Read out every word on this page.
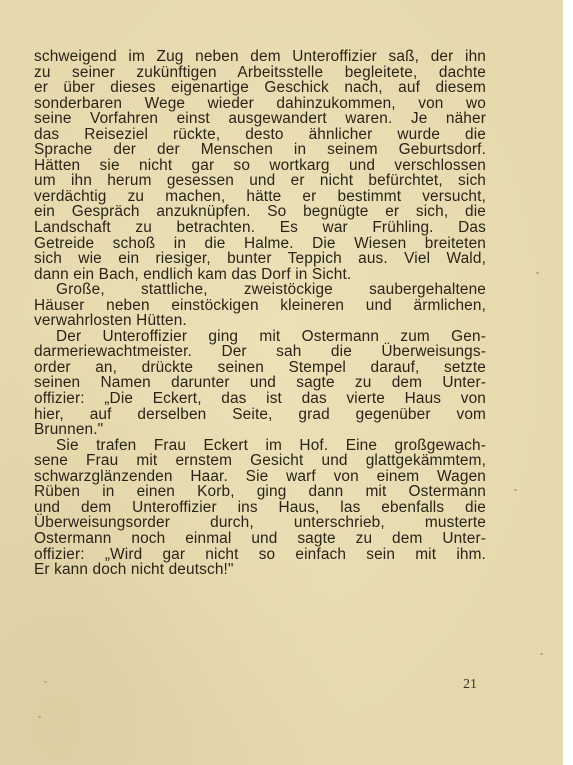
schweigend im Zug neben dem Unteroffizier saß, der ihn
zu seiner zukünftigen Arbeitsstelle begleitete, dachte
er über dieses eigenartige Geschick nach, auf diesem
sonderbaren Wege wieder dahinzukommen, von wo
seine Vorfahren einst ausgewandert waren. Je näher
das Reiseziel rückte, desto ähnlicher wurde die
Sprache der der Menschen in seinem Geburtsdorf.
Hätten sie nicht gar so wortkarg und verschlossen
um ihn herum gesessen und er nicht befürchtet, sich
verdächtig zu machen, hätte er bestimmt versucht,
ein Gespräch anzuknüpfen. So begnügte er sich, die
Landschaft zu betrachten. Es war Frühling. Das
Getreide schoß in die Halme. Die Wiesen breiteten
sich wie ein riesiger, bunter Teppich aus. Viel Wald,
dann ein Bach, endlich kam das Dorf in Sicht.

Große, stattliche, zweistöckige saubergehaltene
Häuser neben einstöckigen kleineren und ärmlichen,
verwahrlosten Hütten.

Der Unteroffizier ging mit Ostermann zum Gen-
darmeriewachtmeister. Der sah die Überweisungs-
order an, drückte seinen Stempel darauf, setzte
seinen Namen darunter und sagte zu dem Unter-
offizier: „Die Eckert, das ist das vierte Haus von
hier, auf derselben Seite, grad gegenüber vom
Brunnen."

Sie trafen Frau Eckert im Hof. Eine großgewach-
sene Frau mit ernstem Gesicht und glattgekämmtem,
schwarzglänzenden Haar. Sie warf von einem Wagen
Rüben in einen Korb, ging dann mit Ostermann
und dem Unteroffizier ins Haus, las ebenfalls die
Überweisungsorder durch, unterschrieb, musterte
Ostermann noch einmal und sagte zu dem Unter-
offizier: „Wird gar nicht so einfach sein mit ihm.
Er kann doch nicht deutsch!"

21
